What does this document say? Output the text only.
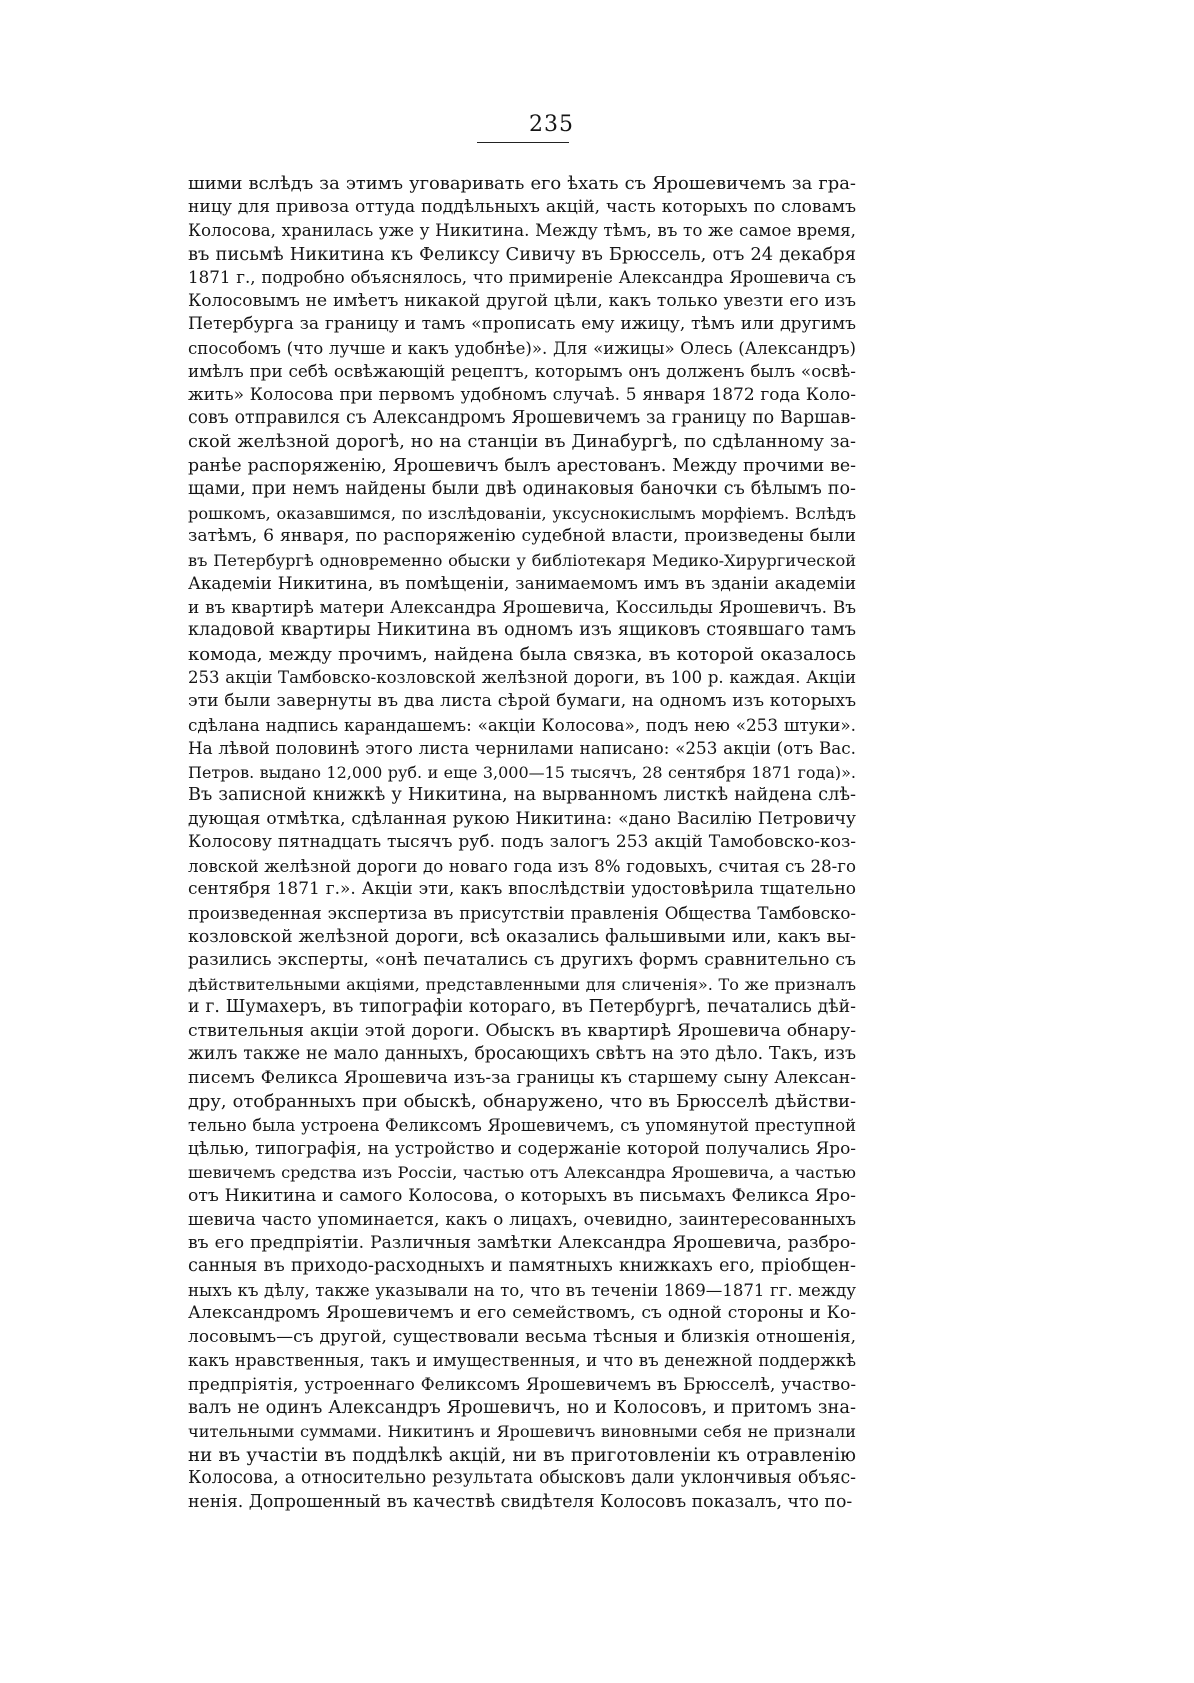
235
шими вслѣдъ за этимъ уговаривать его ѣхать съ Ярошевичемъ за гра-
ницу для привоза оттуда поддѣльныхъ акцій, часть которыхъ по словамъ
Колосова, хранилась уже у Никитина. Между тѣмъ, въ то же самое время,
въ письмѣ Никитина къ Феликсу Сивичу въ Брюссель, отъ 24 декабря
1871 г., подробно объяснялось, что примиреніе Александра Ярошевича съ
Колосовымъ не имѣетъ никакой другой цѣли, какъ только увезти его изъ
Петербурга за границу и тамъ «прописать ему ижицу, тѣмъ или другимъ
способомъ (что лучше и какъ удобнѣе)». Для «ижицы» Олесь (Александръ)
имѣлъ при себѣ освѣжающій рецептъ, которымъ онъ долженъ былъ «освѣ-
жить» Колосова при первомъ удобномъ случаѣ. 5 января 1872 года Коло-
совъ отправился съ Александромъ Ярошевичемъ за границу по Варшав-
ской желѣзной дорогѣ, но на станціи въ Динабургѣ, по сдѣланному за-
ранѣе распоряженію, Ярошевичъ былъ арестованъ. Между прочими ве-
щами, при немъ найдены были двѣ одинаковыя баночки съ бѣлымъ по-
рошкомъ, оказавшимся, по изслѣдованіи, уксуснокислымъ морфіемъ. Вслѣдъ
затѣмъ, 6 января, по распоряженію судебной власти, произведены были
въ Петербургѣ одновременно обыски у библіотекаря Медико-Хирургической
Академіи Никитина, въ помѣщеніи, занимаемомъ имъ въ зданіи академіи
и въ квартирѣ матери Александра Ярошевича, Коссильды Ярошевичъ. Въ
кладовой квартиры Никитина въ одномъ изъ ящиковъ стоявшаго тамъ
комода, между прочимъ, найдена была связка, въ которой оказалось
253 акціи Тамбовско-козловской желѣзной дороги, въ 100 р. каждая. Акціи
эти были завернуты въ два листа сѣрой бумаги, на одномъ изъ которыхъ
сдѣлана надпись карандашемъ: «акціи Колосова», подъ нею «253 штуки».
На лѣвой половинѣ этого листа чернилами написано: «253 акціи (отъ Вас.
Петров. выдано 12,000 руб. и еще 3,000—15 тысячъ, 28 сентября 1871 года)».
Въ записной книжкѣ у Никитина, на вырванномъ листкѣ найдена слѣ-
дующая отмѣтка, сдѣланная рукою Никитина: «дано Василію Петровичу
Колосову пятнадцать тысячъ руб. подъ залогъ 253 акцій Тамобовско-коз-
ловской желѣзной дороги до новаго года изъ 8% годовыхъ, считая съ 28-го
сентября 1871 г.». Акціи эти, какъ впослѣдствіи удостовѣрила тщательно
произведенная экспертиза въ присутствіи правленія Общества Тамбовско-
козловской желѣзной дороги, всѣ оказались фальшивыми или, какъ вы-
разились эксперты, «онѣ печатались съ другихъ формъ сравнительно съ
дѣйствительными акціями, представленными для сличенія». То же призналъ
и г. Шумахеръ, въ типографіи котораго, въ Петербургѣ, печатались дѣй-
ствительныя акціи этой дороги. Обыскъ въ квартирѣ Ярошевича обнару-
жилъ также не мало данныхъ, бросающихъ свѣтъ на это дѣло. Такъ, изъ
писемъ Феликса Ярошевича изъ-за границы къ старшему сыну Алексан-
дру, отобранныхъ при обыскѣ, обнаружено, что въ Брюсселѣ дѣйстви-
тельно была устроена Феликсомъ Ярошевичемъ, съ упомянутой преступной
цѣлью, типографія, на устройство и содержаніе которой получались Яро-
шевичемъ средства изъ Россіи, частью отъ Александра Ярошевича, а частью
отъ Никитина и самого Колосова, о которыхъ въ письмахъ Феликса Яро-
шевича часто упоминается, какъ о лицахъ, очевидно, заинтересованныхъ
въ его предпріятіи. Различныя замѣтки Александра Ярошевича, разбро-
санныя въ приходо-расходныхъ и памятныхъ книжкахъ его, пріобщен-
ныхъ къ дѣлу, также указывали на то, что въ теченіи 1869—1871 гг. между
Александромъ Ярошевичемъ и его семействомъ, съ одной стороны и Ко-
лосовымъ—съ другой, существовали весьма тѣсныя и близкія отношенія,
какъ нравственныя, такъ и имущественныя, и что въ денежной поддержкѣ
предпріятія, устроеннаго Феликсомъ Ярошевичемъ въ Брюсселѣ, участво-
валъ не одинъ Александръ Ярошевичъ, но и Колосовъ, и притомъ зна-
чительными суммами. Никитинъ и Ярошевичъ виновными себя не признали
ни въ участіи въ поддѣлкѣ акцій, ни въ приготовленіи къ отравленію
Колосова, а относительно результата обысковъ дали уклончивыя объяс-
ненія. Допрошенный въ качествѣ свидѣтеля Колосовъ показалъ, что по-
